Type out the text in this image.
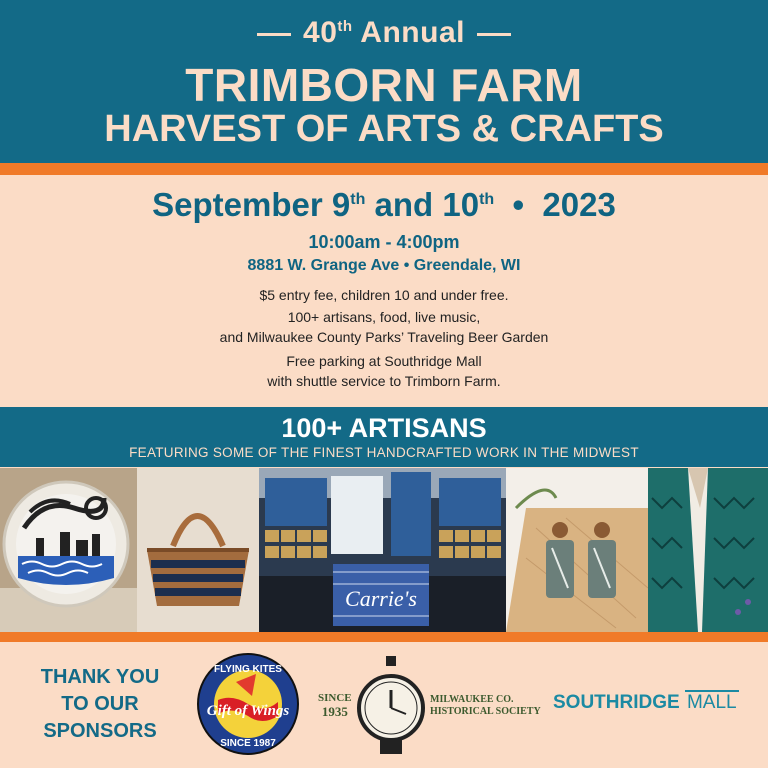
40th Annual
TRIMBORN FARM
HARVEST OF ARTS & CRAFTS
September 9th and 10th  •  2023
10:00am - 4:00pm
8881 W. Grange Ave • Greendale, WI
$5 entry fee, children 10 and under free.
100+ artisans, food, live music,
and Milwaukee County Parks’ Traveling Beer Garden
Free parking at Southridge Mall
with shuttle service to Trimborn Farm.
100+ ARTISANS
FEATURING SOME OF THE FINEST HANDCRAFTED WORK IN THE MIDWEST
Carrie's
THANK YOU
TO OUR
SPONSORS
Gift of Wings
FLYING KITES
SINCE 1987
SINCE
1935
MILWAUKEE CO.
HISTORICAL SOCIETY SOUTHRIDGE MALL
